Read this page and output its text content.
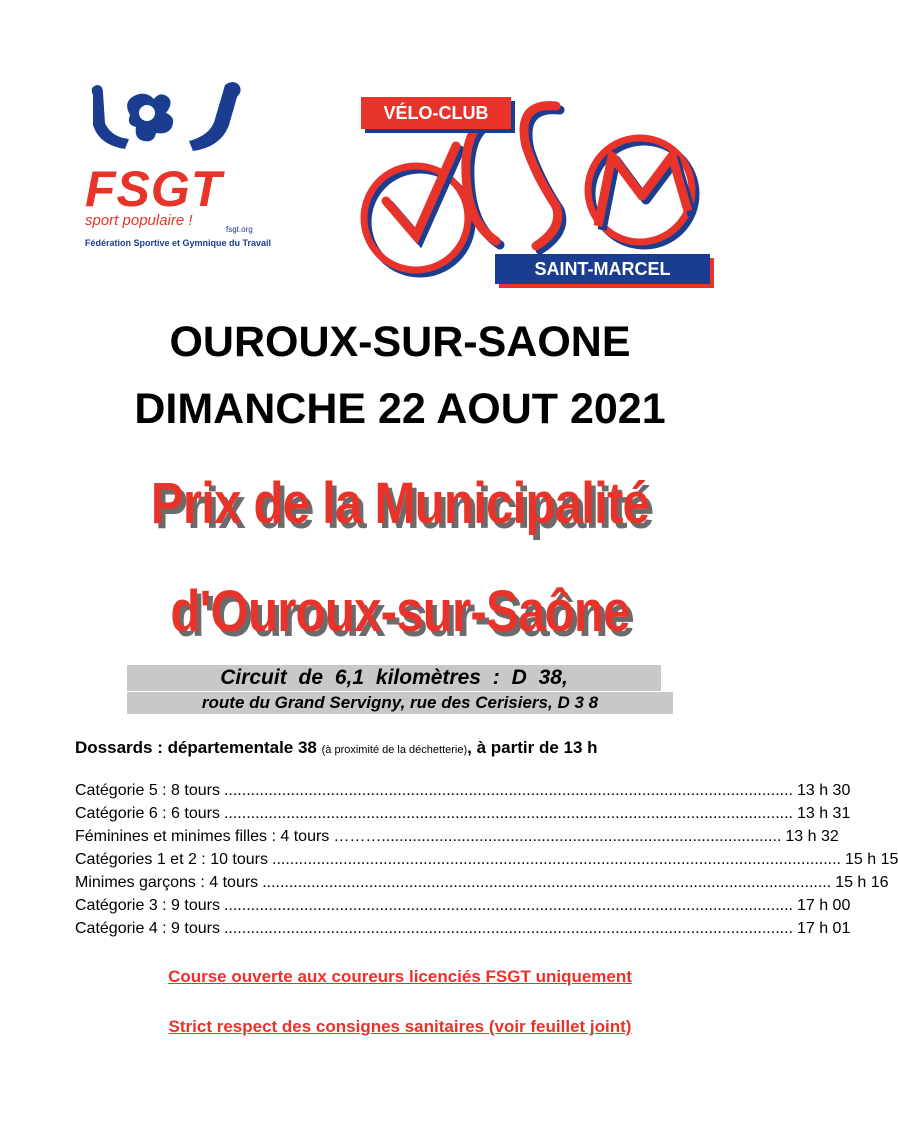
FSGT
sport populaire !
fsgt.org
Fédération Sportive et Gymnique du Travail
VÉLO-CLUB
SAINT-MARCEL
OUROUX-SUR-SAONE
DIMANCHE 22 AOUT 2021
Prix de la Municipalité
d'Ouroux-sur-Saône
Circuit de 6,1 kilomètres : D 38,
route du Grand Servigny, rue des Cerisiers, D 3 8
Dossards : départementale 38 (à proximité de la déchetterie), à partir de 13 h
Catégorie 5 : 8 tours ................................................................................................................................ 13 h 30
Catégorie 6 : 6 tours ................................................................................................................................ 13 h 31
Féminines et minimes filles : 4 tours ……….......................................................................................... 13 h 32
Catégories 1 et 2 : 10 tours ................................................................................................................................ 15 h 15
Minimes garçons : 4 tours ................................................................................................................................ 15 h 16
Catégorie 3 : 9 tours ................................................................................................................................ 17 h 00
Catégorie 4 : 9 tours ................................................................................................................................ 17 h 01
Course ouverte aux coureurs licenciés FSGT uniquement
Strict respect des consignes sanitaires (voir feuillet joint)
